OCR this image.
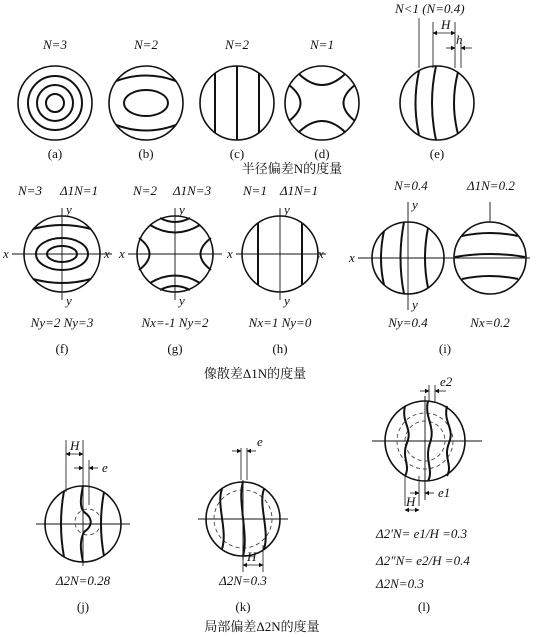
N=3
(a)
N=2
(b)
N=2
(c)
N=1
(d)
N<1 (N=0.4)
H
h
(e)
半径偏差N的度量
N=3 Δ1N=1
x	x
y
y
Ny=2 Ny=3
(f)
N=2 Δ1N=3
x
y
y
Nx=-1 Ny=2
(g)
N=1 Δ1N=1
x	x
y
y
Nx=1 Ny=0
(h)
N=0.4	Δ1N=0.2
x
y
y
Ny=0.4	Nx=0.2
(i)
像散差Δ1N的度量
H
e
Δ2N=0.28
(j)
e
H
Δ2N=0.3
(k)
e2
e1
H
Δ2'N= e1/H =0.3
Δ2"N= e2/H =0.4
Δ2N=0.3
(l)
局部偏差Δ2N的度量
